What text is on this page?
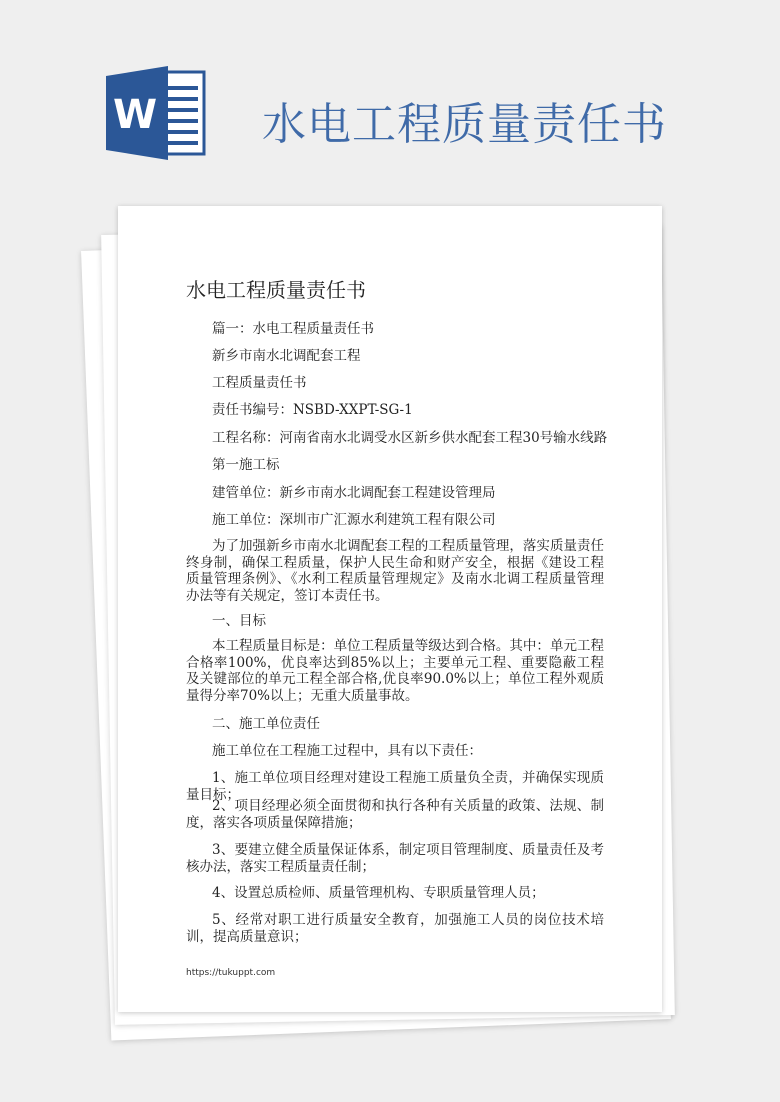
W 水电工程质量责任书
水电工程质量责任书
篇一：水电工程质量责任书
新乡市南水北调配套工程
工程质量责任书
责任书编号：NSBD-XXPT-SG-1
工程名称：河南省南水北调受水区新乡供水配套工程30号输水线路
第一施工标
建管单位：新乡市南水北调配套工程建设管理局
施工单位：深圳市广汇源水利建筑工程有限公司

为了加强新乡市南水北调配套工程的工程质量管理，落实质量责任终身制，确保工程质量，保护人民生命和财产安全，根据《建设工程质量管理条例》、《水利工程质量管理规定》及南水北调工程质量管理办法等有关规定，签订本责任书。

一、目标

本工程质量目标是：单位工程质量等级达到合格。其中：单元工程合格率100%，优良率达到85%以上；主要单元工程、重要隐蔽工程及关键部位的单元工程全部合格,优良率90.0%以上；单位工程外观质量得分率70%以上；无重大质量事故。

二、施工单位责任
施工单位在工程施工过程中，具有以下责任：

1、施工单位项目经理对建设工程施工质量负全责，并确保实现质量目标；

2、项目经理必须全面贯彻和执行各种有关质量的政策、法规、制度，落实各项质量保障措施；

3、要建立健全质量保证体系，制定项目管理制度、质量责任及考核办法，落实工程质量责任制；

4、设置总质检师、质量管理机构、专职质量管理人员；

5、经常对职工进行质量安全教育，加强施工人员的岗位技术培训，提高质量意识；

https://tukuppt.com
